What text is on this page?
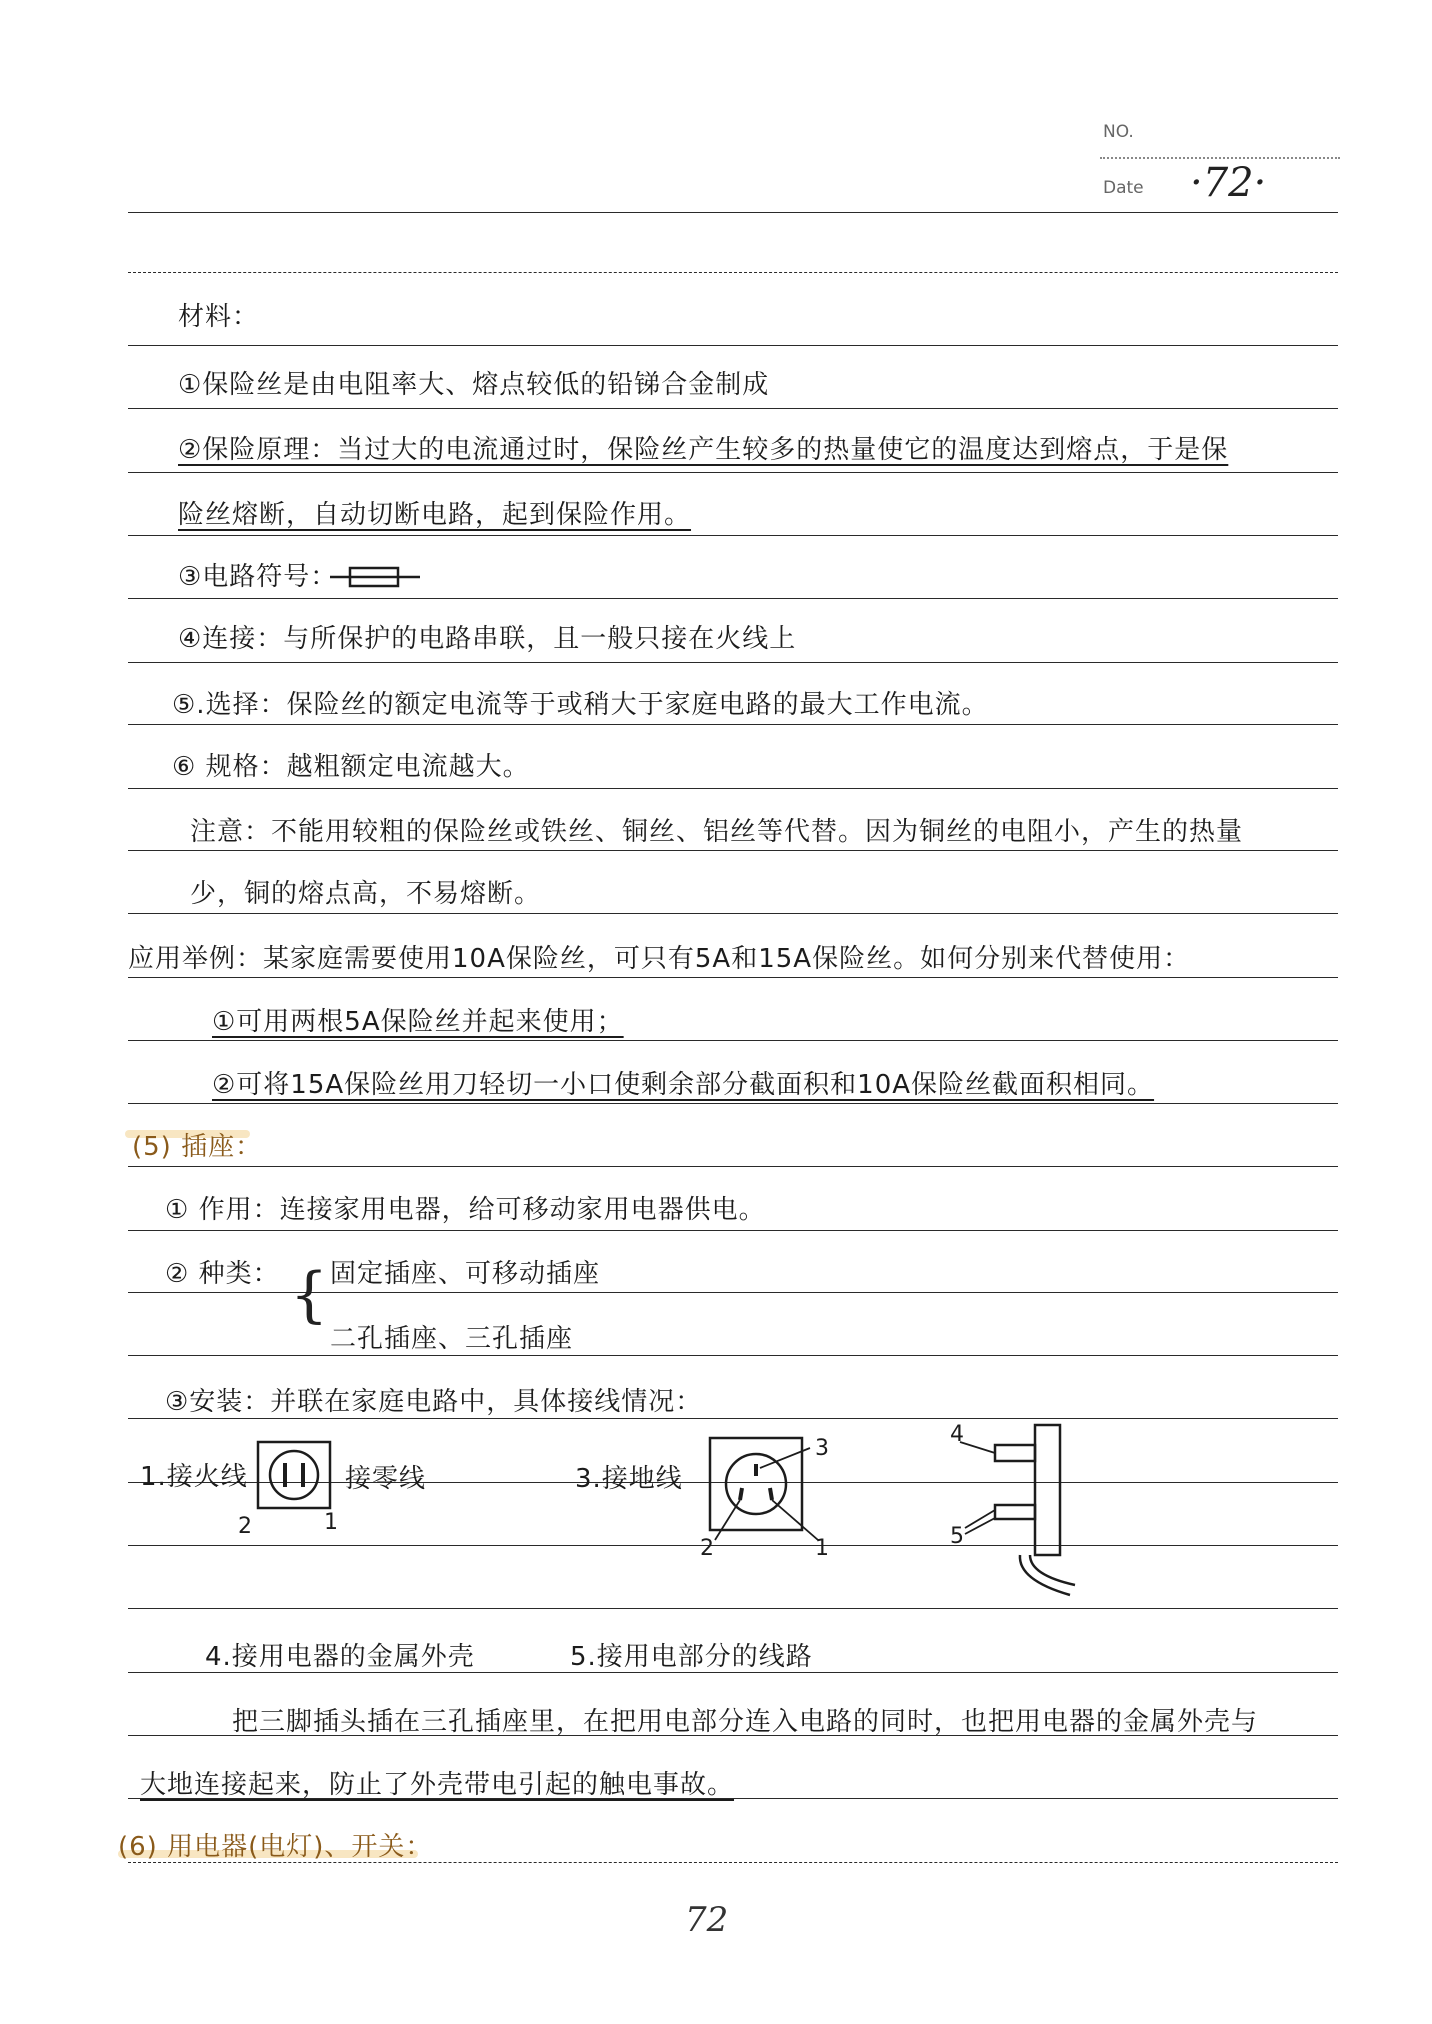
NO.
Date ·72·
材料：
①保险丝是由电阻率大、熔点较低的铅锑合金制成
②保险原理：当过大的电流通过时，保险丝产生较多的热量使它的温度达到熔点，于是保
险丝熔断，自动切断电路，起到保险作用。
③电路符号：
④连接：与所保护的电路串联，且一般只接在火线上
⑤.选择：保险丝的额定电流等于或稍大于家庭电路的最大工作电流。
⑥ 规格：越粗额定电流越大。
注意：不能用较粗的保险丝或铁丝、铜丝、铝丝等代替。因为铜丝的电阻小，产生的热量
少，铜的熔点高，不易熔断。
应用举例：某家庭需要使用10A保险丝，可只有5A和15A保险丝。如何分别来代替使用：
①可用两根5A保险丝并起来使用；
②可将15A保险丝用刀轻切一小口使剩余部分截面积和10A保险丝截面积相同。
(5) 插座：
① 作用：连接家用电器，给可移动家用电器供电。
② 种类： { 固定插座、可移动插座
二孔插座、三孔插座
③安装：并联在家庭电路中，具体接线情况：
1.接火线	接零线
2	1
3.接地线
3
2	1
4
5
4.接用电器的金属外壳	5.接用电部分的线路
把三脚插头插在三孔插座里，在把用电部分连入电路的同时，也把用电器的金属外壳与
大地连接起来，防止了外壳带电引起的触电事故。
(6) 用电器(电灯)、开关：
72
